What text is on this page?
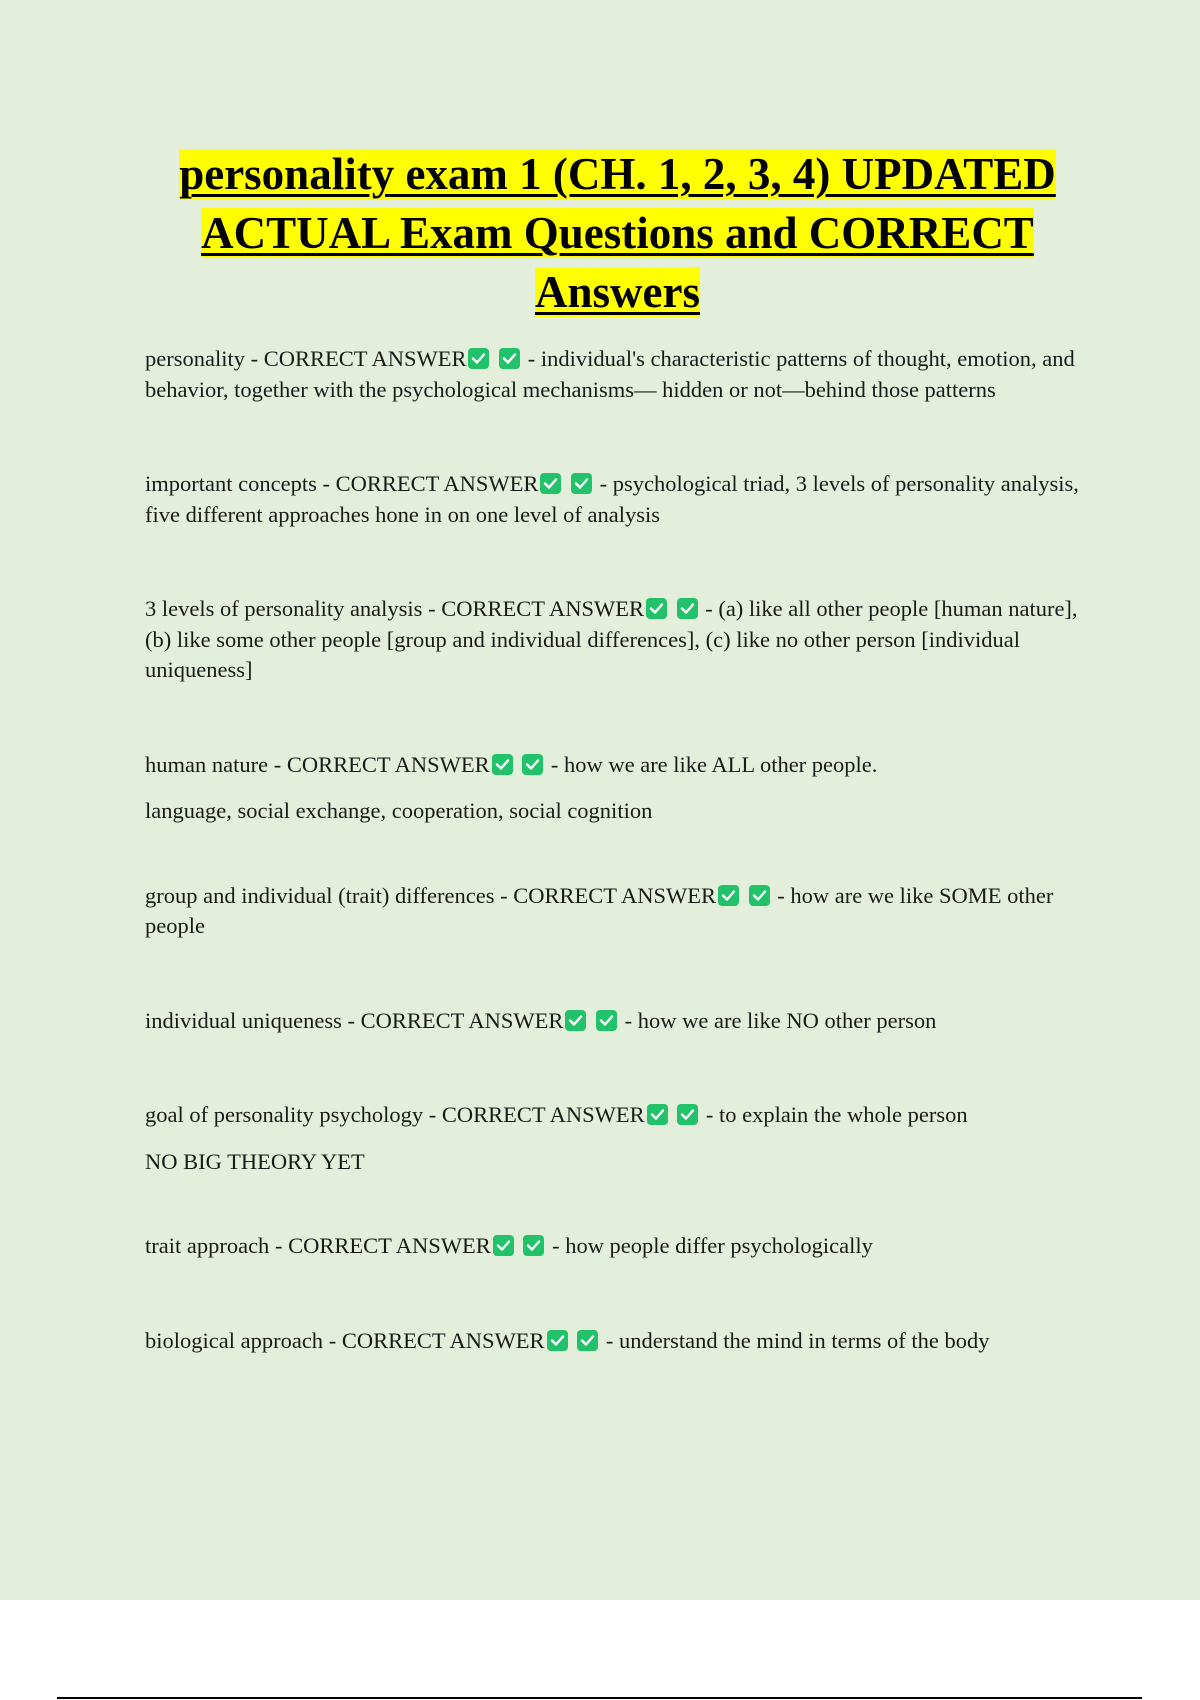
personality exam 1 (CH. 1, 2, 3, 4) UPDATED ACTUAL Exam Questions and CORRECT Answers

personality - CORRECT ANSWER

- individual's characteristic patterns of thought, emotion, and behavior, together with the psychological mechanisms— hidden or not—behind those patterns

important concepts - CORRECT ANSWER

- psychological triad, 3 levels of personality analysis, five different approaches hone in on one level of analysis

3 levels of personality analysis - CORRECT ANSWER

- (a) like all other people [human nature], (b) like some other people [group and individual differences], (c) like no other person [individual uniqueness]

human nature - CORRECT ANSWER

- how we are like ALL other people.

language, social exchange, cooperation, social cognition

group and individual (trait) differences - CORRECT ANSWER

- how are we like SOME other people

individual uniqueness - CORRECT ANSWER

- how we are like NO other person

goal of personality psychology - CORRECT ANSWER

- to explain the whole person

NO BIG THEORY YET

trait approach - CORRECT ANSWER

- how people differ psychologically

biological approach - CORRECT ANSWER

- understand the mind in terms of the body
